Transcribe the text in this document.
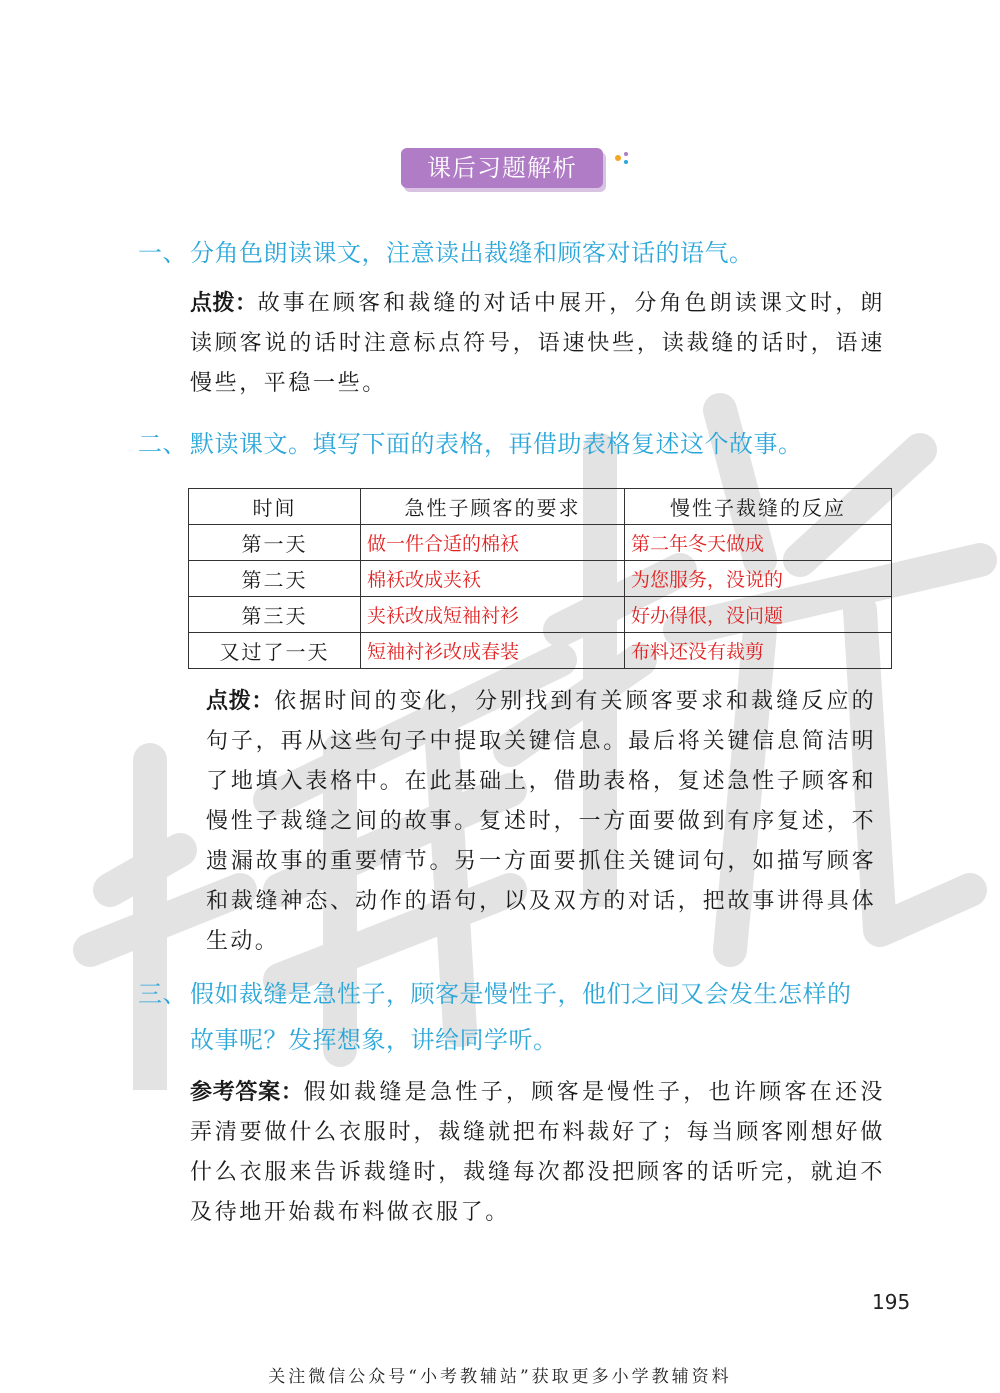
课后习题解析
一、 分角色朗读课文，注意读出裁缝和顾客对话的语气。

点拨：故事在顾客和裁缝的对话中展开，分角色朗读课文时，朗读顾客说的话时注意标点符号，语速快些，读裁缝的话时，语速慢些，平稳一些。

二、 默读课文。填写下面的表格，再借助表格复述这个故事。
时间	急性子顾客的要求	慢性子裁缝的反应
第一天	做一件合适的棉袄	第二年冬天做成
第二天	棉袄改成夹袄	为您服务，没说的
第三天	夹袄改成短袖衬衫	好办得很，没问题
又过了一天	短袖衬衫改成春装	布料还没有裁剪

点拨：依据时间的变化，分别找到有关顾客要求和裁缝反应的句子，再从这些句子中提取关键信息。最后将关键信息简洁明了地填入表格中。在此基础上，借助表格，复述急性子顾客和慢性子裁缝之间的故事。复述时，一方面要做到有序复述，不遗漏故事的重要情节。另一方面要抓住关键词句，如描写顾客和裁缝神态、动作的语句，以及双方的对话，把故事讲得具体生动。

三、 假如裁缝是急性子，顾客是慢性子，他们之间又会发生怎样的
故事呢？发挥想象，讲给同学听。

参考答案：假如裁缝是急性子，顾客是慢性子，也许顾客在还没弄清要做什么衣服时，裁缝就把布料裁好了；每当顾客刚想好做什么衣服来告诉裁缝时，裁缝每次都没把顾客的话听完，就迫不及待地开始裁布料做衣服了。

195
关注微信公众号“小考教辅站”获取更多小学教辅资料
